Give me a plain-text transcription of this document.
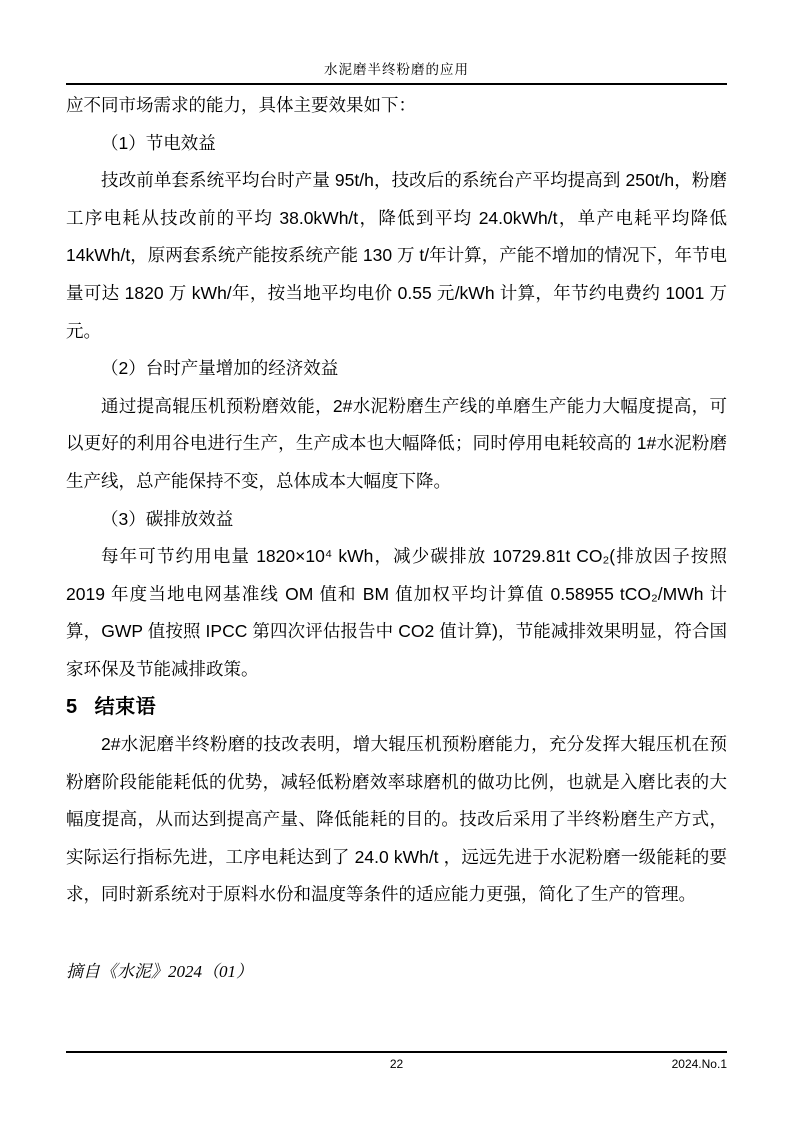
水泥磨半终粉磨的应用

应不同市场需求的能力，具体主要效果如下：

（1）节电效益

技改前单套系统平均台时产量 95t/h，技改后的系统台产平均提高到 250t/h，粉磨工序电耗从技改前的平均 38.0kWh/t，降低到平均 24.0kWh/t，单产电耗平均降低 14kWh/t，原两套系统产能按系统产能 130 万 t/年计算，产能不增加的情况下，年节电量可达 1820 万 kWh/年，按当地平均电价 0.55 元/kWh 计算，年节约电费约 1001 万元。

（2）台时产量增加的经济效益

通过提高辊压机预粉磨效能，2#水泥粉磨生产线的单磨生产能力大幅度提高，可以更好的利用谷电进行生产，生产成本也大幅降低；同时停用电耗较高的 1#水泥粉磨生产线，总产能保持不变，总体成本大幅度下降。

（3）碳排放效益

每年可节约用电量 1820×10⁴ kWh，减少碳排放 10729.81t CO₂(排放因子按照 2019 年度当地电网基准线 OM 值和 BM 值加权平均计算值 0.58955 tCO₂/MWh 计算，GWP 值按照 IPCC 第四次评估报告中 CO2 值计算)，节能减排效果明显，符合国家环保及节能减排政策。

5 结束语

2#水泥磨半终粉磨的技改表明，增大辊压机预粉磨能力，充分发挥大辊压机在预粉磨阶段能能耗低的优势，减轻低粉磨效率球磨机的做功比例，也就是入磨比表的大幅度提高，从而达到提高产量、降低能耗的目的。技改后采用了半终粉磨生产方式，实际运行指标先进，工序电耗达到了 24.0 kWh/t ，远远先进于水泥粉磨一级能耗的要求，同时新系统对于原料水份和温度等条件的适应能力更强，简化了生产的管理。

摘自《水泥》2024（01）
22	2024.No.1
